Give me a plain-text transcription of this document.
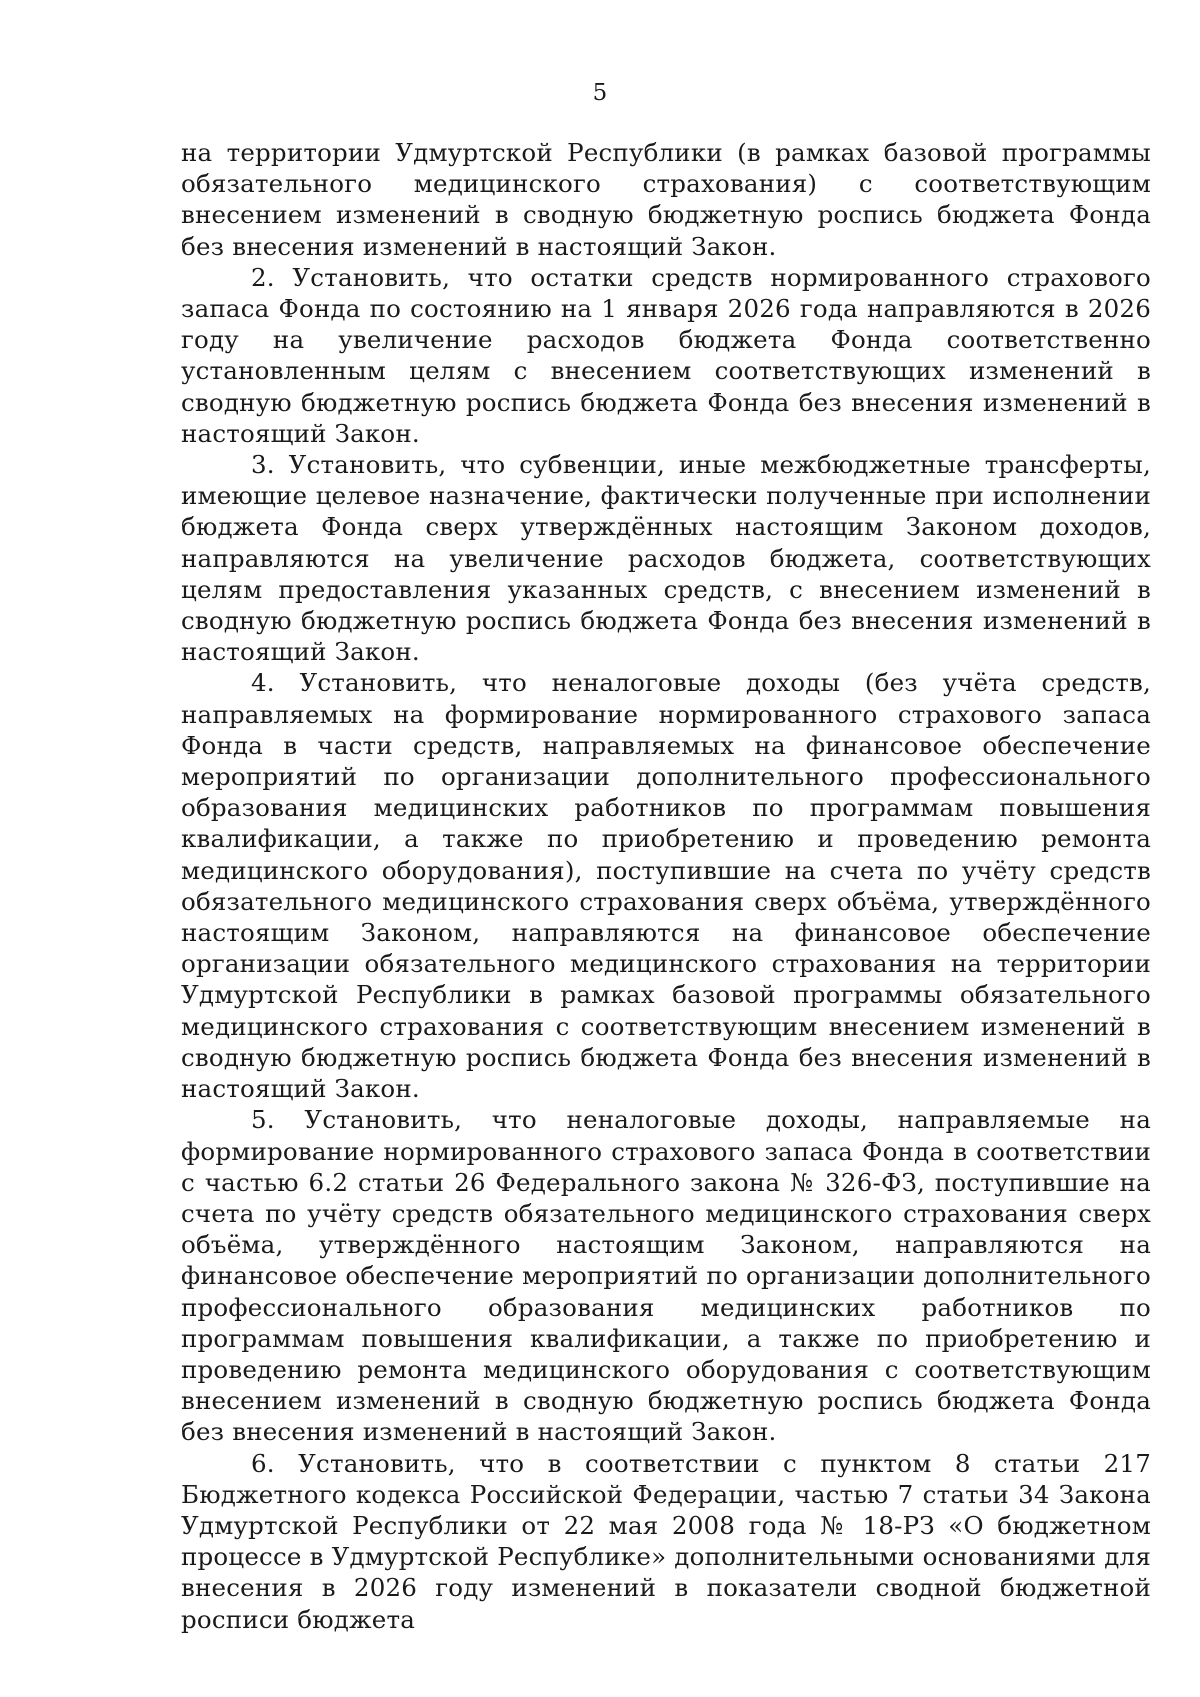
5

на территории Удмуртской Республики (в рамках базовой программы обязательного медицинского страхования) с соответствующим внесением изменений в сводную бюджетную роспись бюджета Фонда без внесения изменений в настоящий Закон.

2. Установить, что остатки средств нормированного страхового запаса Фонда по состоянию на 1 января 2026 года направляются в 2026 году на увеличение расходов бюджета Фонда соответственно установленным целям с внесением соответствующих изменений в сводную бюджетную роспись бюджета Фонда без внесения изменений в настоящий Закон.

3. Установить, что субвенции, иные межбюджетные трансферты, имеющие целевое назначение, фактически полученные при исполнении бюджета Фонда сверх утверждённых настоящим Законом доходов, направляются на увеличение расходов бюджета, соответствующих целям предоставления указанных средств, с внесением изменений в сводную бюджетную роспись бюджета Фонда без внесения изменений в настоящий Закон.

4. Установить, что неналоговые доходы (без учёта средств, направляемых на формирование нормированного страхового запаса Фонда в части средств, направляемых на финансовое обеспечение мероприятий по организации дополнительного профессионального образования медицинских работников по программам повышения квалификации, а также по приобретению и проведению ремонта медицинского оборудования), поступившие на счета по учёту средств обязательного медицинского страхования сверх объёма, утверждённого настоящим Законом, направляются на финансовое обеспечение организации обязательного медицинского страхования на территории Удмуртской Республики в рамках базовой программы обязательного медицинского страхования с соответствующим внесением изменений в сводную бюджетную роспись бюджета Фонда без внесения изменений в настоящий Закон.

5. Установить, что неналоговые доходы, направляемые на формирование нормированного страхового запаса Фонда в соответствии с частью 6.2 статьи 26 Федерального закона № 326-ФЗ, поступившие на счета по учёту средств обязательного медицинского страхования сверх объёма, утверждённого настоящим Законом, направляются на финансовое обеспечение мероприятий по организации дополнительного профессионального образования медицинских работников по программам повышения квалификации, а также по приобретению и проведению ремонта медицинского оборудования с соответствующим внесением изменений в сводную бюджетную роспись бюджета Фонда без внесения изменений в настоящий Закон.

6. Установить, что в соответствии с пунктом 8 статьи 217 Бюджетного кодекса Российской Федерации, частью 7 статьи 34 Закона Удмуртской Республики от 22 мая 2008 года № 18-РЗ «О бюджетном процессе в Удмуртской Республике» дополнительными основаниями для внесения в 2026 году изменений в показатели сводной бюджетной росписи бюджета
